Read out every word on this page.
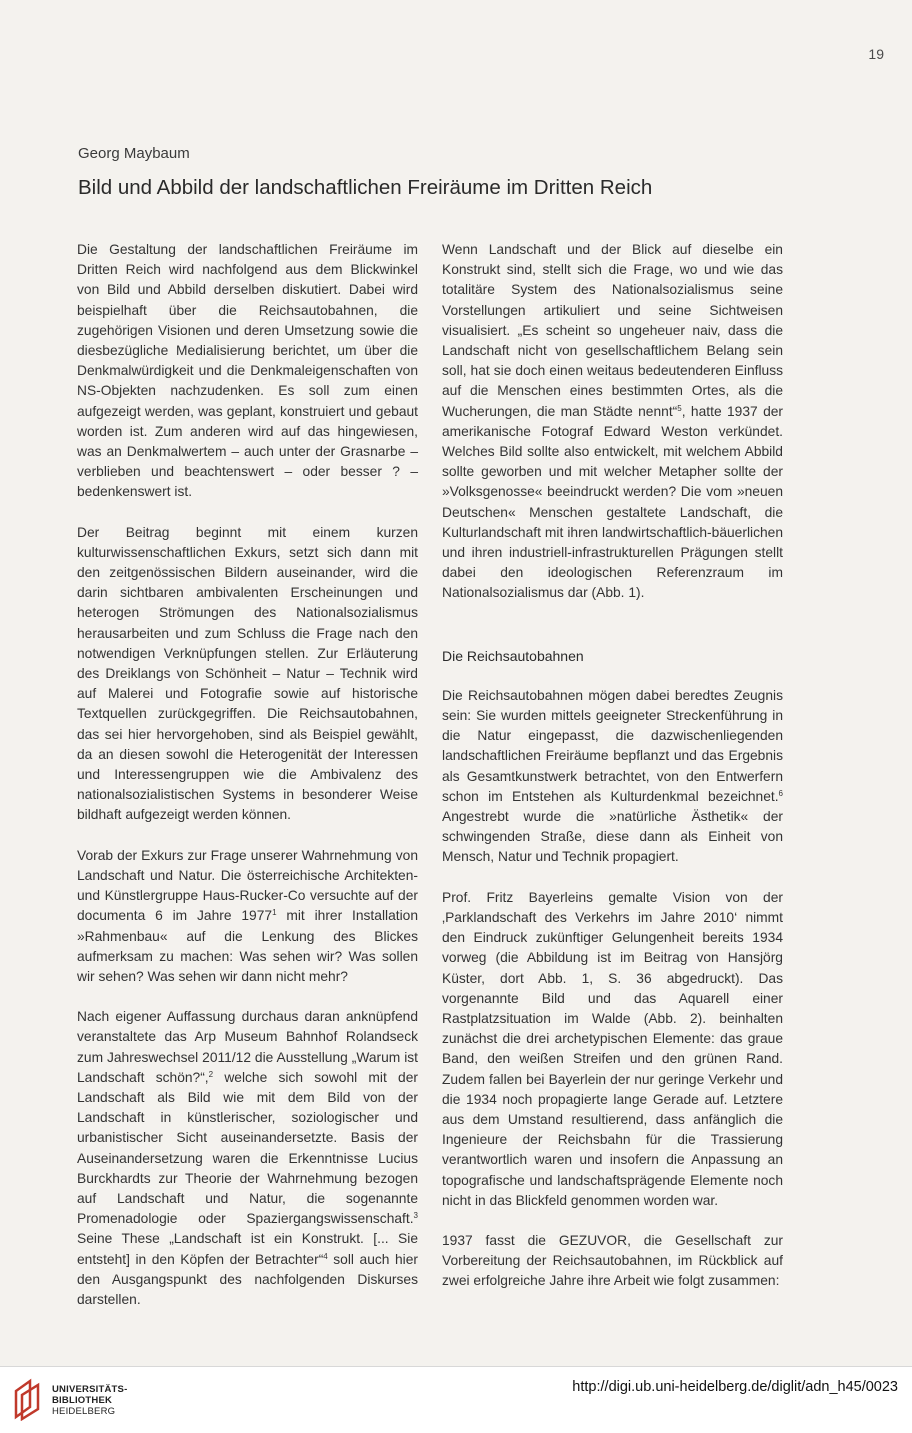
19
Georg Maybaum
Bild und Abbild der landschaftlichen Freiräume im Dritten Reich

Die Gestaltung der landschaftlichen Freiräume im Dritten Reich wird nachfolgend aus dem Blickwinkel von Bild und Abbild derselben diskutiert. Dabei wird beispielhaft über die Reichsautobahnen, die zugehörigen Visionen und deren Umsetzung sowie die diesbezügliche Medialisierung berichtet, um über die Denkmalwürdigkeit und die Denkmaleigenschaften von NS-Objekten nachzudenken. Es soll zum einen aufgezeigt werden, was geplant, konstruiert und gebaut worden ist. Zum anderen wird auf das hingewiesen, was an Denkmalwertem – auch unter der Grasnarbe – verblieben und beachtenswert – oder besser ? – bedenkenswert ist.

Der Beitrag beginnt mit einem kurzen kulturwissenschaftlichen Exkurs, setzt sich dann mit den zeitgenössischen Bildern auseinander, wird die darin sichtbaren ambivalenten Erscheinungen und heterogen Strömungen des Nationalsozialismus herausarbeiten und zum Schluss die Frage nach den notwendigen Verknüpfungen stellen. Zur Erläuterung des Dreiklangs von Schönheit – Natur – Technik wird auf Malerei und Fotografie sowie auf historische Textquellen zurückgegriffen. Die Reichsautobahnen, das sei hier hervorgehoben, sind als Beispiel gewählt, da an diesen sowohl die Heterogenität der Interessen und Interessengruppen wie die Ambivalenz des nationalsozialistischen Systems in besonderer Weise bildhaft aufgezeigt werden können.

Vorab der Exkurs zur Frage unserer Wahrnehmung von Landschaft und Natur. Die österreichische Architekten- und Künstlergruppe Haus-Rucker-Co versuchte auf der documenta 6 im Jahre 1977$^1$ mit ihrer Installation »Rahmenbau« auf die Lenkung des Blickes aufmerksam zu machen: Was sehen wir? Was sollen wir sehen? Was sehen wir dann nicht mehr?

Nach eigener Auffassung durchaus daran anknüpfend veranstaltete das Arp Museum Bahnhof Rolandseck zum Jahreswechsel 2011/12 die Ausstellung „Warum ist Landschaft schön?“,$^2$ welche sich sowohl mit der Landschaft als Bild wie mit dem Bild von der Landschaft in künstlerischer, soziologischer und urbanistischer Sicht auseinandersetzte. Basis der Auseinandersetzung waren die Erkenntnisse Lucius Burckhardts zur Theorie der Wahrnehmung bezogen auf Landschaft und Natur, die sogenannte Promenadologie oder Spaziergangswissenschaft.$^3$ Seine These „Landschaft ist ein Konstrukt. [... Sie entsteht] in den Köpfen der Betrachter“$^4$ soll auch hier den Ausgangspunkt des nachfolgenden Diskurses darstellen.

Wenn Landschaft und der Blick auf dieselbe ein Konstrukt sind, stellt sich die Frage, wo und wie das totalitäre System des Nationalsozialismus seine Vorstellungen artikuliert und seine Sichtweisen visualisiert. „Es scheint so ungeheuer naiv, dass die Landschaft nicht von gesellschaftlichem Belang sein soll, hat sie doch einen weitaus bedeutenderen Einfluss auf die Menschen eines bestimmten Ortes, als die Wucherungen, die man Städte nennt“$^5$, hatte 1937 der amerikanische Fotograf Edward Weston verkündet. Welches Bild sollte also entwickelt, mit welchem Abbild sollte geworben und mit welcher Metapher sollte der »Volksgenosse« beeindruckt werden? Die vom »neuen Deutschen« Menschen gestaltete Landschaft, die Kulturlandschaft mit ihren landwirtschaftlich-bäuerlichen und ihren industriell-infrastrukturellen Prägungen stellt dabei den ideologischen Referenzraum im Nationalsozialismus dar (Abb. 1).

Die Reichsautobahnen

Die Reichsautobahnen mögen dabei beredtes Zeugnis sein: Sie wurden mittels geeigneter Streckenführung in die Natur eingepasst, die dazwischenliegenden landschaftlichen Freiräume bepflanzt und das Ergebnis als Gesamtkunstwerk betrachtet, von den Entwerfern schon im Entstehen als Kulturdenkmal bezeichnet.$^6$ Angestrebt wurde die »natürliche Ästhetik« der schwingenden Straße, diese dann als Einheit von Mensch, Natur und Technik propagiert.

Prof. Fritz Bayerleins gemalte Vision von der ‚Parklandschaft des Verkehrs im Jahre 2010‘ nimmt den Eindruck zukünftiger Gelungenheit bereits 1934 vorweg (die Abbildung ist im Beitrag von Hansjörg Küster, dort Abb. 1, S. 36 abgedruckt). Das vorgenannte Bild und das Aquarell einer Rastplatzsituation im Walde (Abb. 2). beinhalten zunächst die drei archetypischen Elemente: das graue Band, den weißen Streifen und den grünen Rand. Zudem fallen bei Bayerlein der nur geringe Verkehr und die 1934 noch propagierte lange Gerade auf. Letztere aus dem Umstand resultierend, dass anfänglich die Ingenieure der Reichsbahn für die Trassierung verantwortlich waren und insofern die Anpassung an topografische und landschaftsprägende Elemente noch nicht in das Blickfeld genommen worden war.

1937 fasst die GEZUVOR, die Gesellschaft zur Vorbereitung der Reichsautobahnen, im Rückblick auf zwei erfolgreiche Jahre ihre Arbeit wie folgt zusammen:

UNIVERSITÄTS-
BIBLIOTHEK
HEIDELBERG
http://digi.ub.uni-heidelberg.de/diglit/adn_h45/0023
